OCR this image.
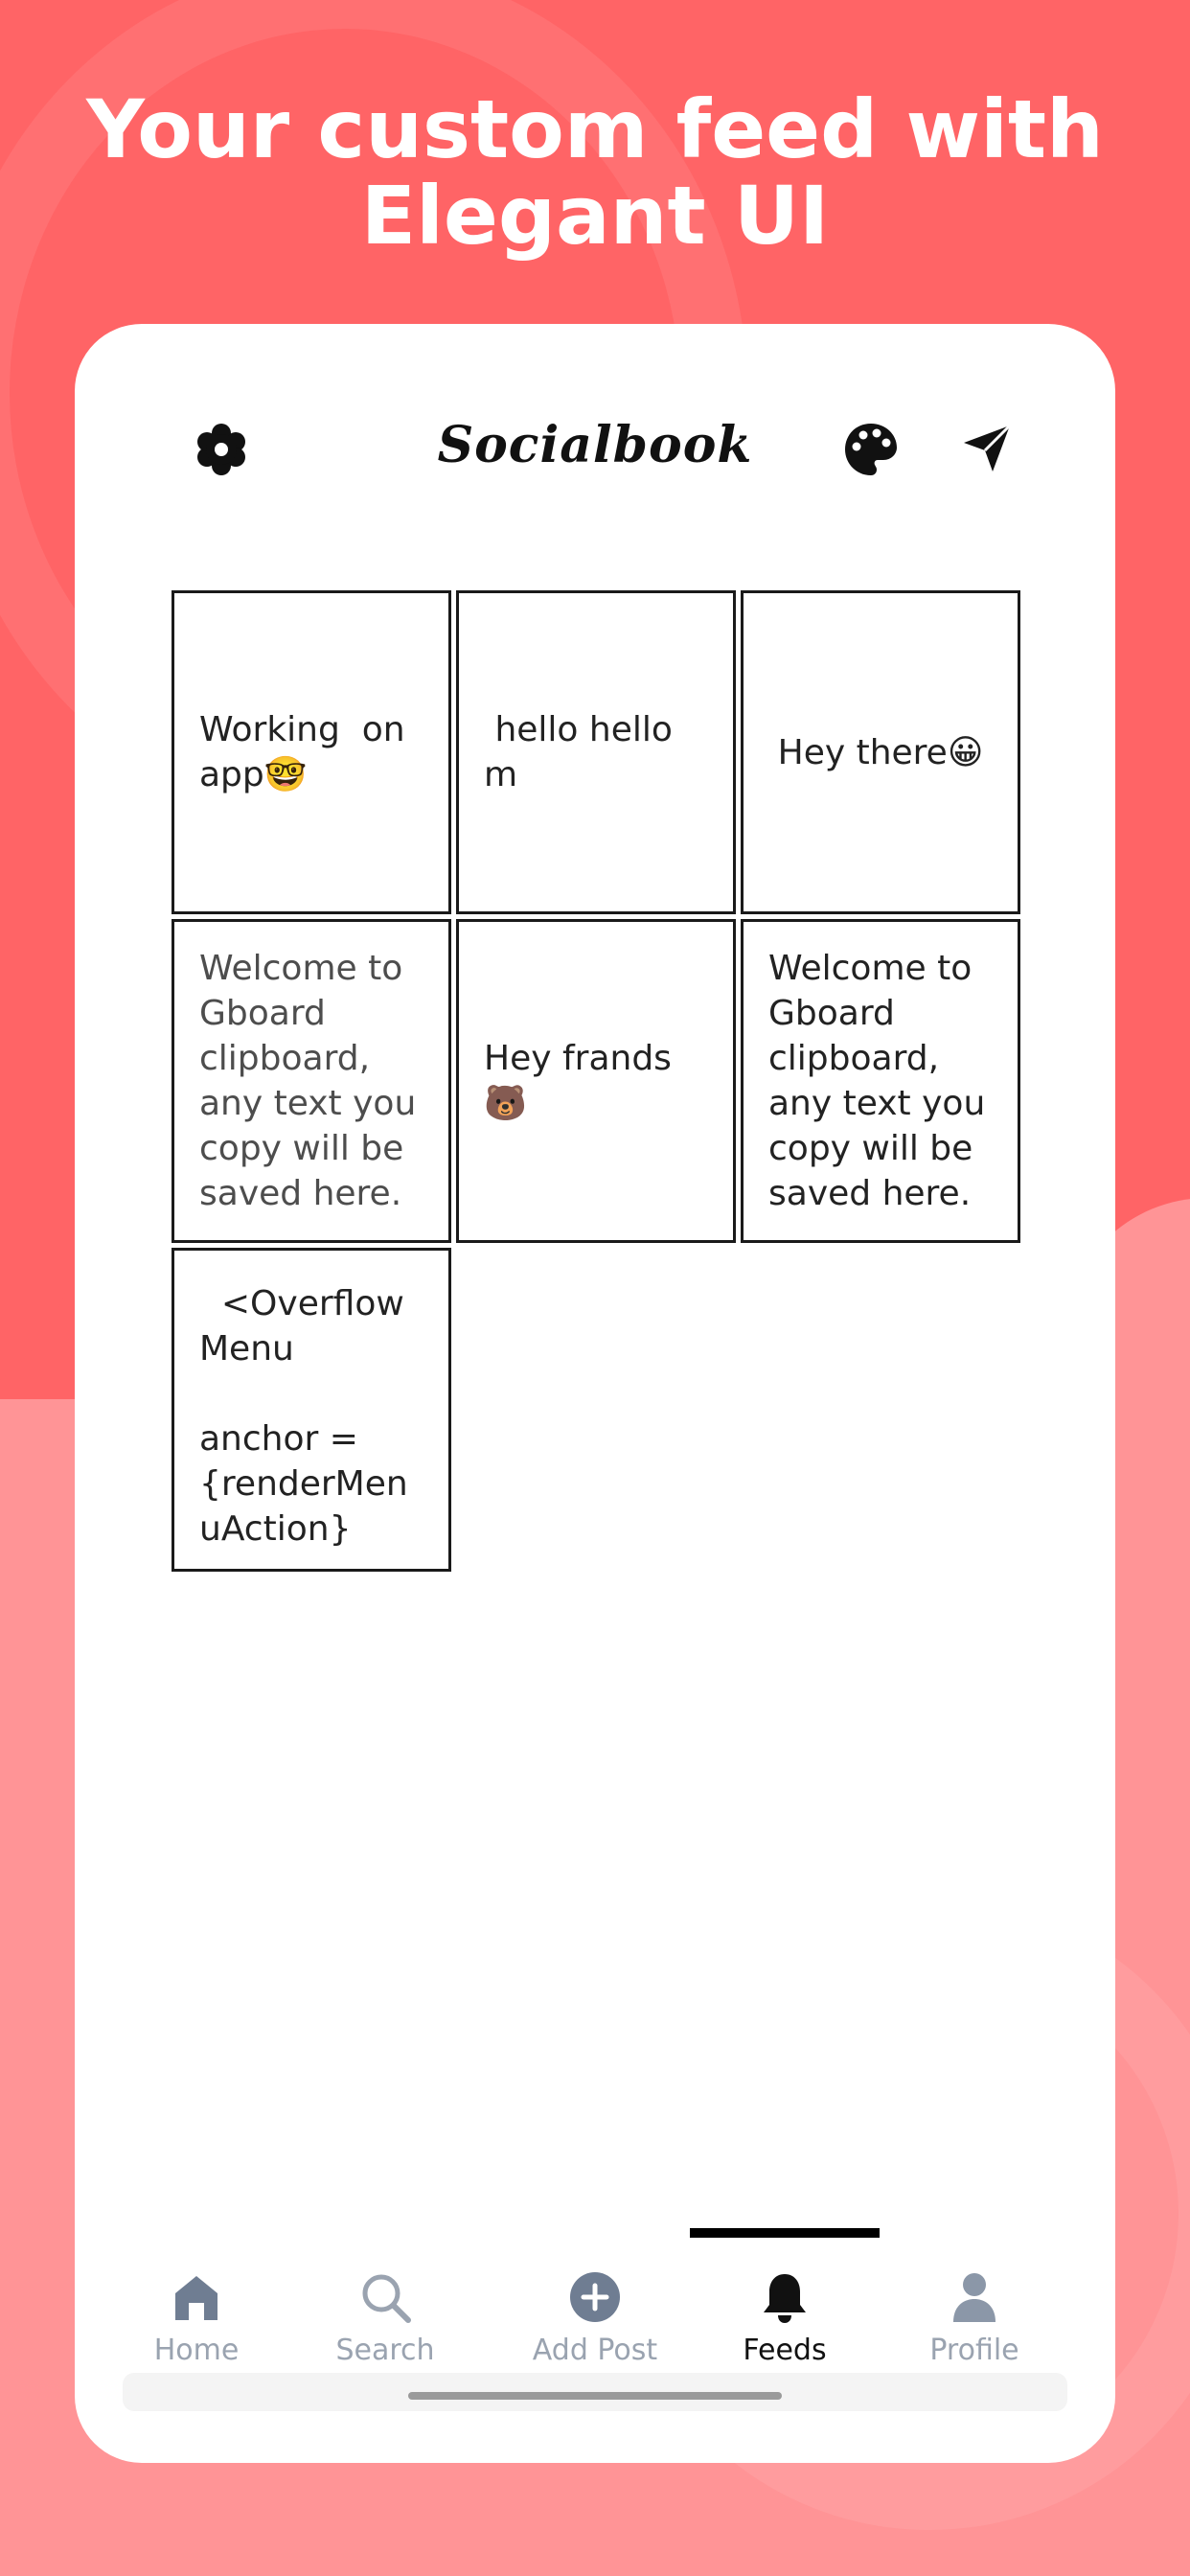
Your custom feed with
Elegant UI
Socialbook
Working  on app🤓
hello hello m
Hey there😀
Welcome to Gboard clipboard, any text you copy will be saved here.
Hey frands🐻
Welcome to Gboard clipboard, any text you copy will be saved here.
<Overflow Menu
anchor ={renderMenuAction}
Home	Search	Add Post	Feeds	Profile
